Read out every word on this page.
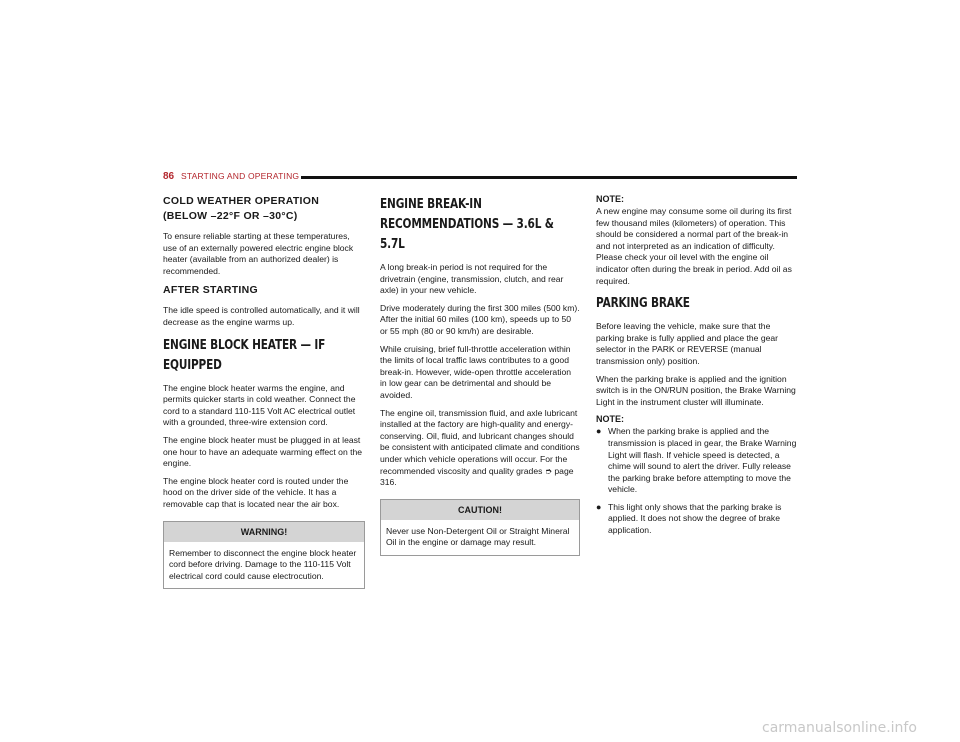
86 STARTING AND OPERATING
COLD WEATHER OPERATION
(BELOW –22°F OR –30°C)

To ensure reliable starting at these temperatures, use of an externally powered electric engine block heater (available from an authorized dealer) is recommended.

AFTER STARTING

The idle speed is controlled automatically, and it will decrease as the engine warms up.

ENGINE BLOCK HEATER — IF EQUIPPED

The engine block heater warms the engine, and permits quicker starts in cold weather. Connect the cord to a standard 110-115 Volt AC electrical outlet with a grounded, three-wire extension cord.

The engine block heater must be plugged in at least one hour to have an adequate warming effect on the engine.

The engine block heater cord is routed under the hood on the driver side of the vehicle. It has a removable cap that is located near the air box.

WARNING!
Remember to disconnect the engine block heater cord before driving. Damage to the 110-115 Volt electrical cord could cause electrocution.
ENGINE BREAK-IN RECOMMENDATIONS — 3.6L & 5.7L

A long break-in period is not required for the drivetrain (engine, transmission, clutch, and rear axle) in your new vehicle.

Drive moderately during the first 300 miles (500 km). After the initial 60 miles (100 km), speeds up to 50 or 55 mph (80 or 90 km/h) are desirable.

While cruising, brief full-throttle acceleration within the limits of local traffic laws contributes to a good break-in. However, wide-open throttle acceleration in low gear can be detrimental and should be avoided.

The engine oil, transmission fluid, and axle lubricant installed at the factory are high-quality and energy-conserving. Oil, fluid, and lubricant changes should be consistent with anticipated climate and conditions under which vehicle operations will occur. For the recommended viscosity and quality grades ➮ page 316.

CAUTION!
Never use Non-Detergent Oil or Straight Mineral Oil in the engine or damage may result.
NOTE:

A new engine may consume some oil during its first few thousand miles (kilometers) of operation. This should be considered a normal part of the break-in and not interpreted as an indication of difficulty. Please check your oil level with the engine oil indicator often during the break in period. Add oil as required.

PARKING BRAKE

Before leaving the vehicle, make sure that the parking brake is fully applied and place the gear selector in the PARK or REVERSE (manual transmission only) position.

When the parking brake is applied and the ignition switch is in the ON/RUN position, the Brake Warning Light in the instrument cluster will illuminate.

NOTE:
● When the parking brake is applied and the transmission is placed in gear, the Brake Warning Light will flash. If vehicle speed is detected, a chime will sound to alert the driver. Fully release the parking brake before attempting to move the vehicle.
● This light only shows that the parking brake is applied. It does not show the degree of brake application.
carmanualsonline.info
